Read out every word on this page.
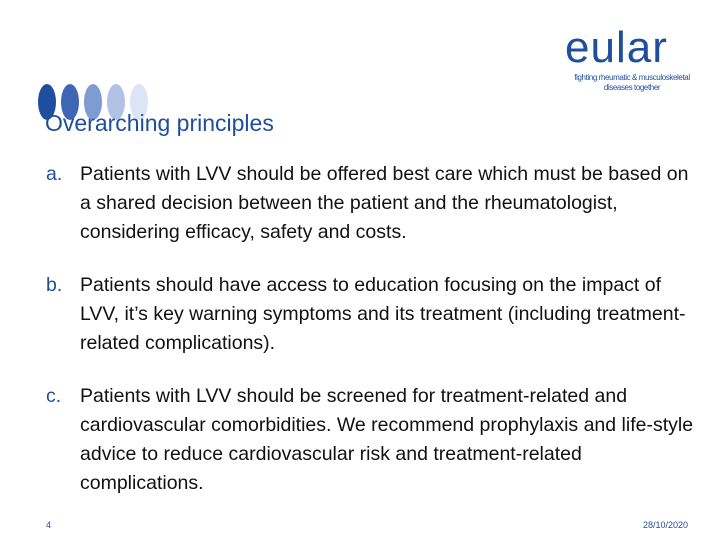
eular
fighting rheumatic & musculoskeletal
diseases together
Overarching principles
a. Patients with LVV should be offered best care which must be based on a shared decision between the patient and the rheumatologist, considering efficacy, safety and costs.
b. Patients should have access to education focusing on the impact of LVV, it’s key warning symptoms and its treatment (including treatment-related complications).
c. Patients with LVV should be screened for treatment-related and cardiovascular comorbidities. We recommend prophylaxis and life-style advice to reduce cardiovascular risk and treatment-related complications.
4	28/10/2020
